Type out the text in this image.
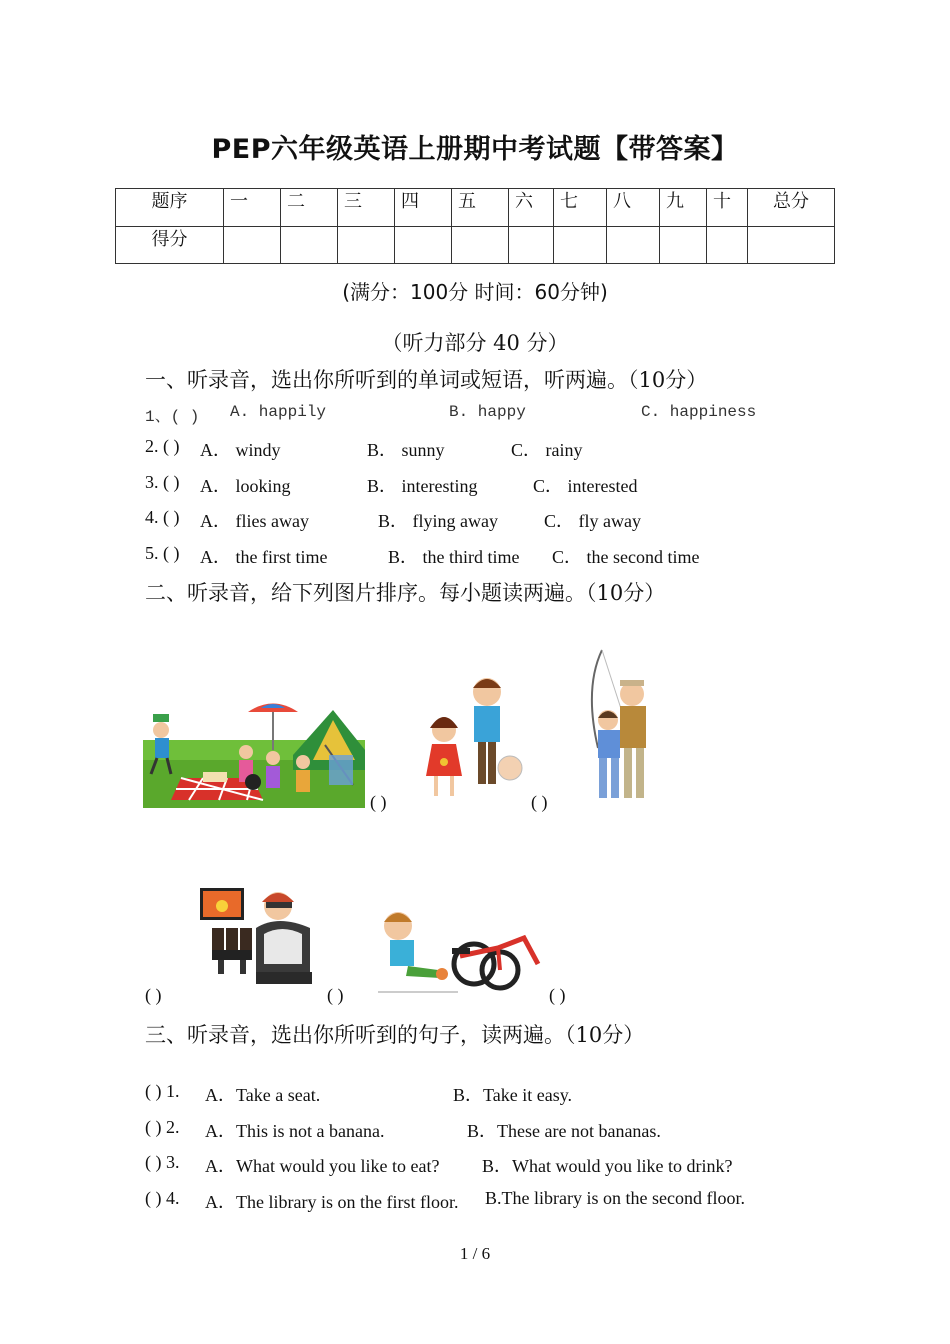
PEP六年级英语上册期中考试题【带答案】
题序	一	二	三	四	五	六	七	八	九	十	总分
得分											
(满分：100分 时间：60分钟)
（听力部分 40 分）
一、听录音，选出你所听到的单词或短语，听两遍。（10分）
1、( ) A. happily	B. happy	C. happiness
2. ( ) A． windy	B． sunny	C． rainy
3. ( ) A． looking	B． interesting	C． interested
4. ( ) A． flies away	B． flying away	C． fly away
5. ( ) A． the first time	B． the third time C． the second time
二、听录音，给下列图片排序。每小题读两遍。（10分）
( )	( )
( )	( )	( )
三、听录音，选出你所听到的句子，读两遍。（10分）
( ) 1. A．Take a seat.	B．Take it easy.
( ) 2. A．This is not a banana.	B．These are not bananas.
( ) 3. A．What would you like to eat? B．What would you like to drink?
( ) 4. A．The library is on the first floor. B.The library is on the second floor.
1 / 6
